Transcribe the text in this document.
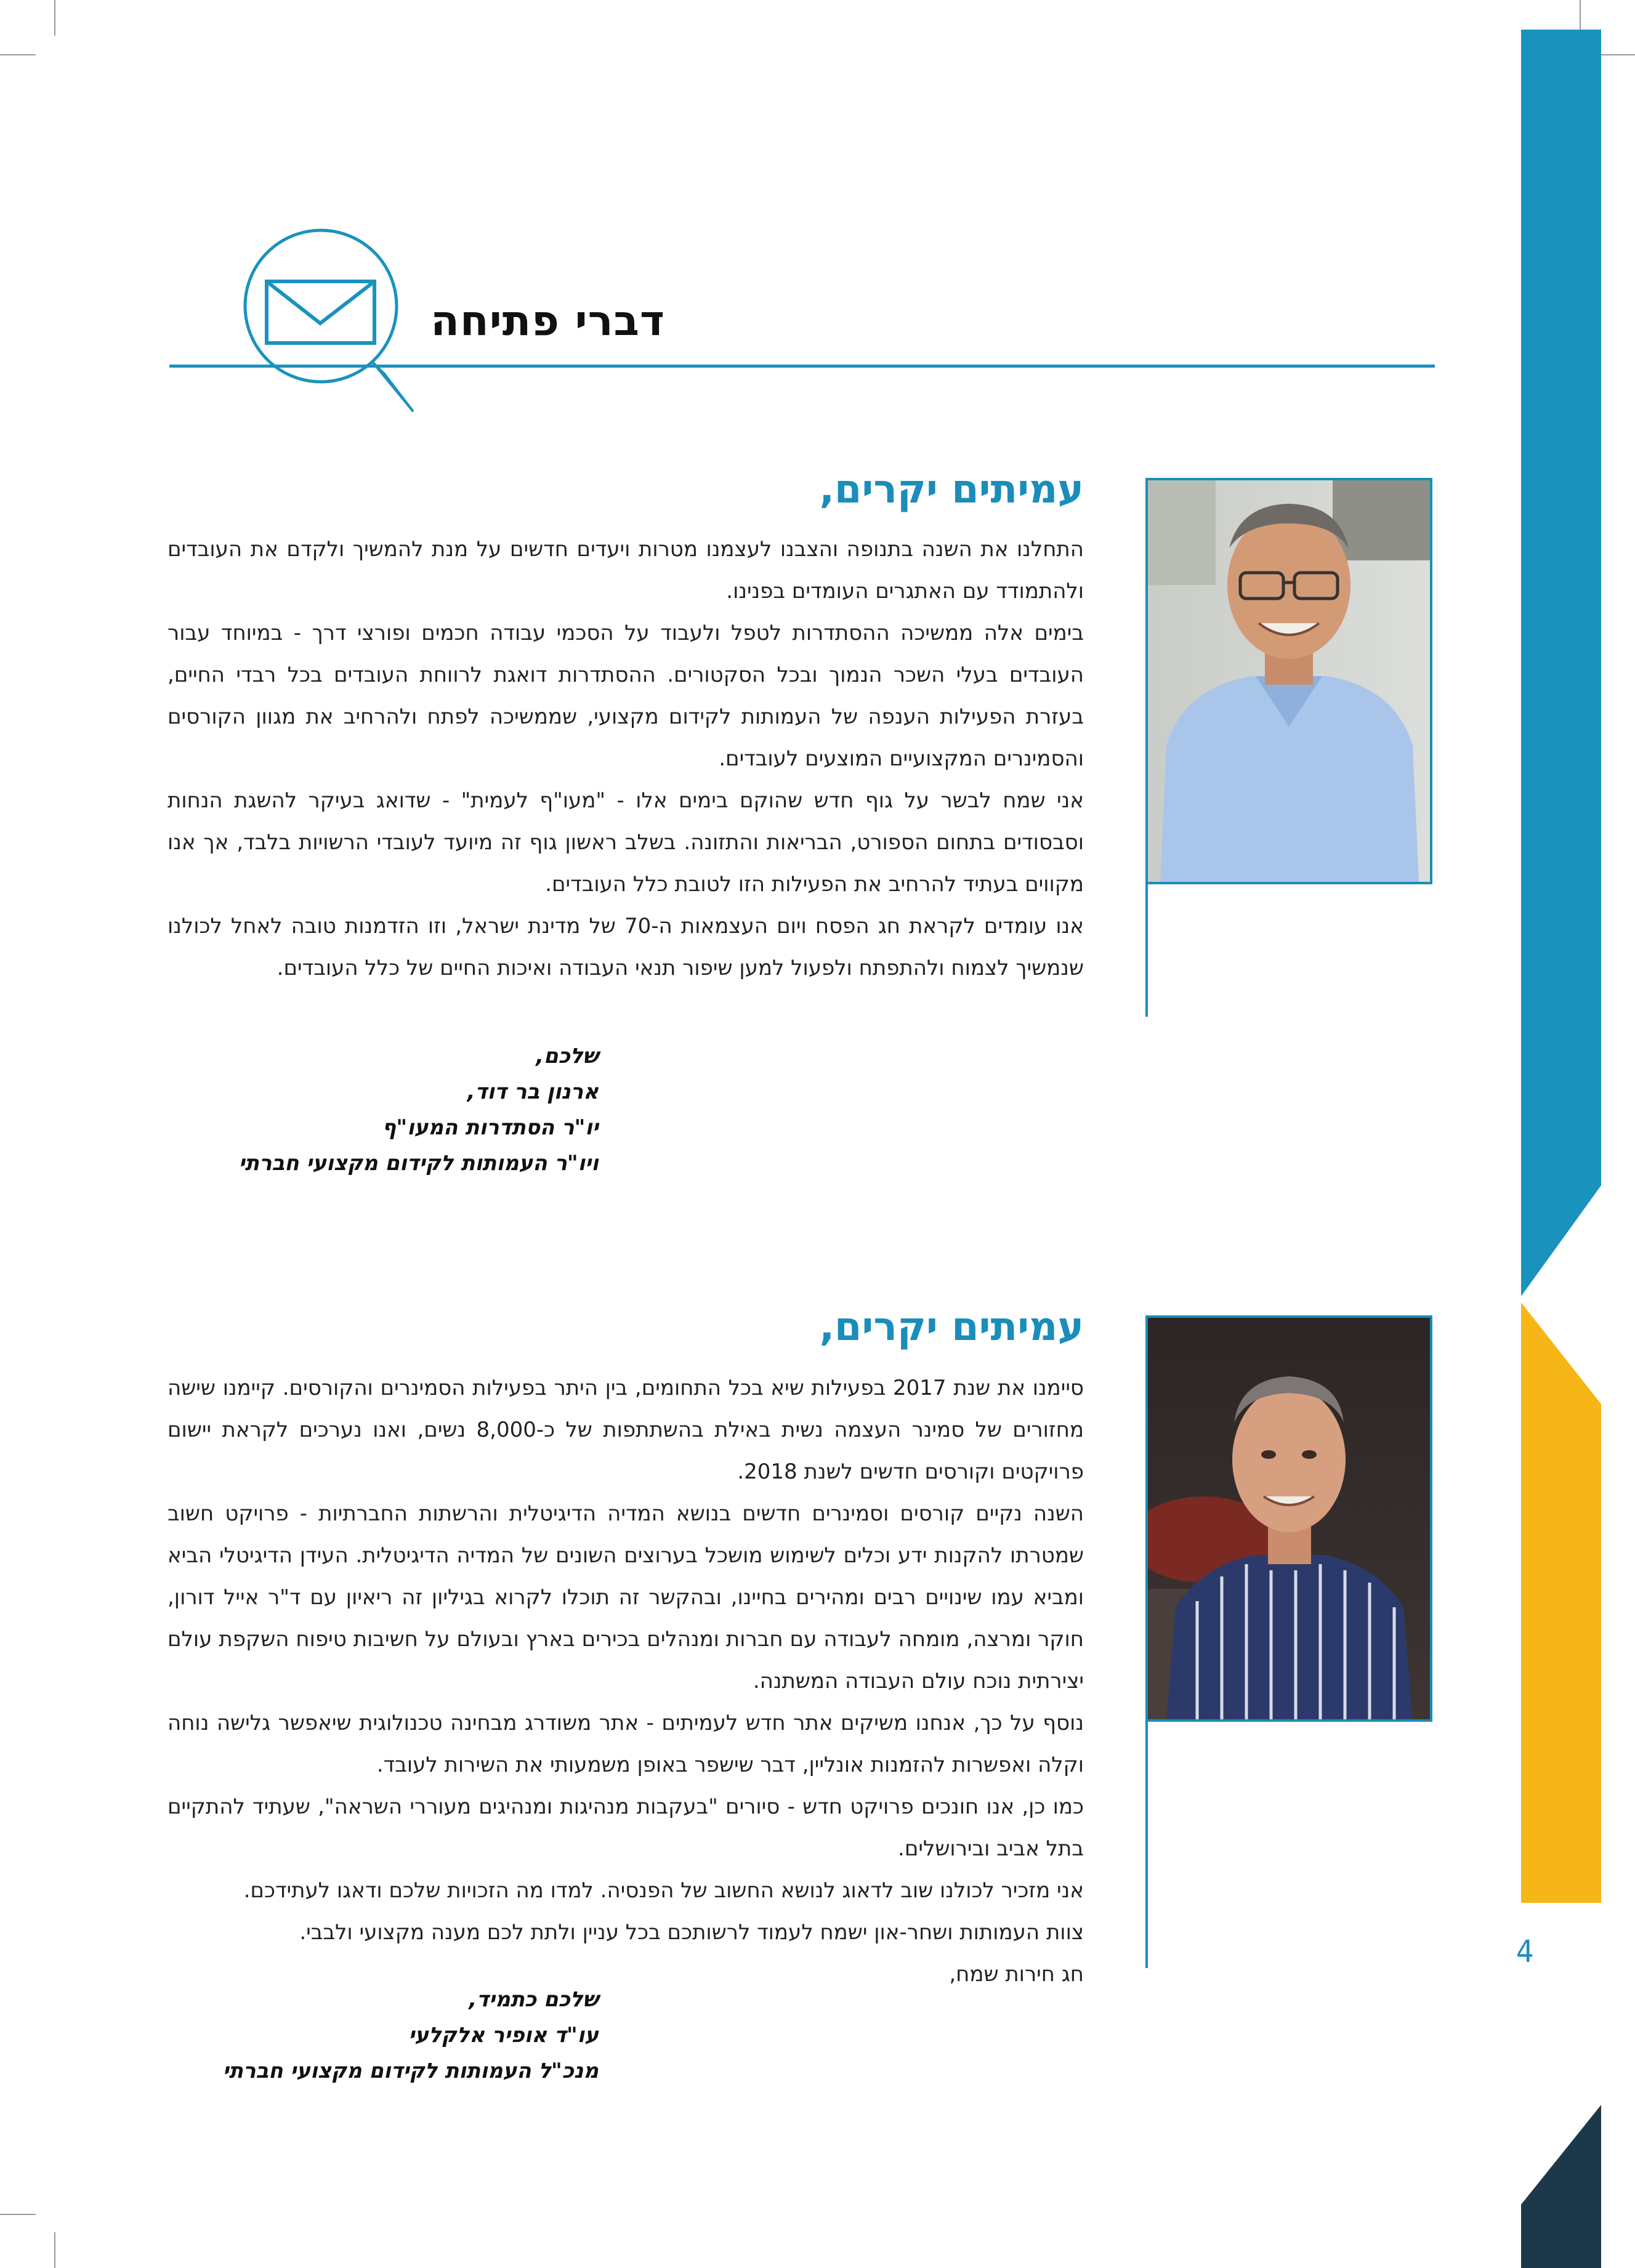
דברי פתיחה
עמיתים יקרים,

התחלנו את השנה בתנופה והצבנו לעצמנו מטרות ויעדים חדשים על מנת להמשיך ולקדם את העובדים ולהתמודד עם האתגרים העומדים בפנינו.

בימים אלה ממשיכה ההסתדרות לטפל ולעבוד על הסכמי עבודה חכמים ופורצי דרך - במיוחד עבור העובדים בעלי השכר הנמוך ובכל הסקטורים. ההסתדרות דואגת לרווחת העובדים בכל רבדי החיים, בעזרת הפעילות הענפה של העמותות לקידום מקצועי, שממשיכה לפתח ולהרחיב את מגוון הקורסים והסמינרים המקצועיים המוצעים לעובדים.

אני שמח לבשר על גוף חדש שהוקם בימים אלו - "מעו"ף לעמית" - שדואג בעיקר להשגת הנחות וסבסודים בתחום הספורט, הבריאות והתזונה. בשלב ראשון גוף זה מיועד לעובדי הרשויות בלבד, אך אנו מקווים בעתיד להרחיב את הפעילות הזו לטובת כלל העובדים.

אנו עומדים לקראת חג הפסח ויום העצמאות ה-70 של מדינת ישראל, וזו הזדמנות טובה לאחל לכולנו שנמשיך לצמוח ולהתפתח ולפעול למען שיפור תנאי העבודה ואיכות החיים של כלל העובדים.

שלכם,
ארנון בר דוד,
יו"ר הסתדרות המעו"ף
ויו"ר העמותות לקידום מקצועי חברתי
עמיתים יקרים,

סיימנו את שנת 2017 בפעילות שיא בכל התחומים, בין היתר בפעילות הסמינרים והקורסים. קיימנו שישה מחזורים של סמינר העצמה נשית באילת בהשתתפות של כ-8,000 נשים, ואנו נערכים לקראת יישום פרויקטים וקורסים חדשים לשנת 2018.

השנה נקיים קורסים וסמינרים חדשים בנושא המדיה הדיגיטלית והרשתות החברתיות - פרויקט חשוב שמטרתו להקנות ידע וכלים לשימוש מושכל בערוצים השונים של המדיה הדיגיטלית. העידן הדיגיטלי הביא ומביא עמו שינויים רבים ומהירים בחיינו, ובהקשר זה תוכלו לקרוא בגיליון זה ריאיון עם ד"ר אייל דורון, חוקר ומרצה, מומחה לעבודה עם חברות ומנהלים בכירים בארץ ובעולם על חשיבות טיפוח השקפת עולם יצירתית נוכח עולם העבודה המשתנה.

נוסף על כך, אנחנו משיקים אתר חדש לעמיתים - אתר משודרג מבחינה טכנולוגית שיאפשר גלישה נוחה וקלה ואפשרות להזמנות אונליין, דבר שישפר באופן משמעותי את השירות לעובד.

כמו כן, אנו חונכים פרויקט חדש - סיורים "בעקבות מנהיגות ומנהיגים מעוררי השראה", שעתיד להתקיים בתל אביב ובירושלים.

אני מזכיר לכולנו שוב לדאוג לנושא החשוב של הפנסיה. למדו מה הזכויות שלכם ודאגו לעתידכם.

צוות העמותות ושחר-און ישמח לעמוד לרשותכם בכל עניין ולתת לכם מענה מקצועי ולבבי.

חג חירות שמח,

שלכם כתמיד,
עו"ד אופיר אלקלעי
מנכ"ל העמותות לקידום מקצועי חברתי
4
